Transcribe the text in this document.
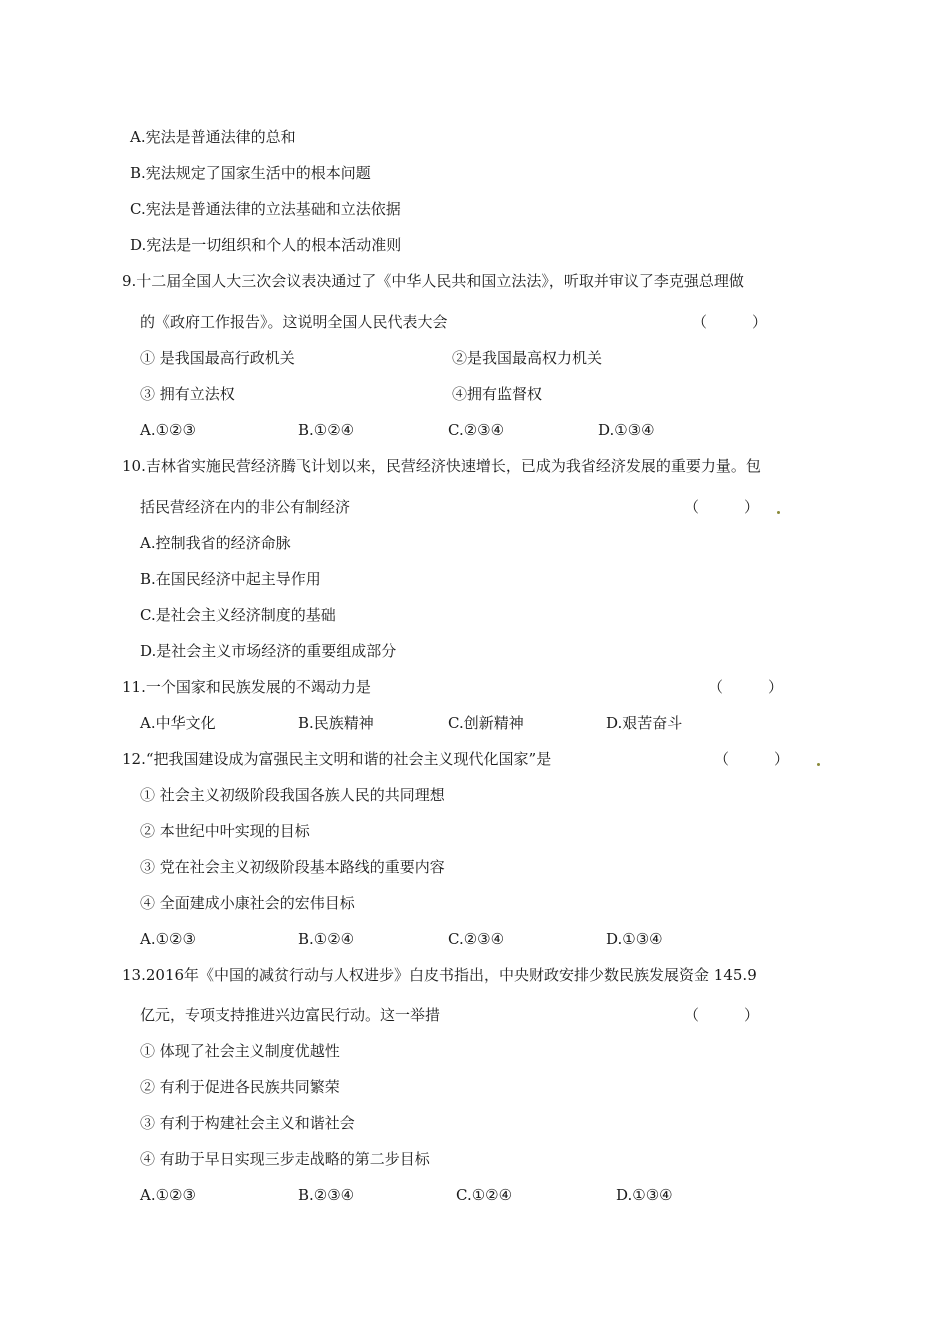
A.宪法是普通法律的总和
B.宪法规定了国家生活中的根本问题
C.宪法是普通法律的立法基础和立法依据
D.宪法是一切组织和个人的根本活动准则
9.十二届全国人大三次会议表决通过了《中华人民共和国立法法》，听取并审议了李克强总理做
的《政府工作报告》。这说明全国人民代表大会	（　　　）
① 是我国最高行政机关	②是我国最高权力机关
③ 拥有立法权	④拥有监督权
A.①②③	B.①②④	C.②③④	D.①③④
10.吉林省实施民营经济腾飞计划以来，民营经济快速增长，已成为我省经济发展的重要力量。包
括民营经济在内的非公有制经济	（　　　）
A.控制我省的经济命脉
B.在国民经济中起主导作用
C.是社会主义经济制度的基础
D.是社会主义市场经济的重要组成部分
11.一个国家和民族发展的不竭动力是	（　　　）
A.中华文化	B.民族精神	C.创新精神	D.艰苦奋斗
12.“把我国建设成为富强民主文明和谐的社会主义现代化国家”是	（　　　）
① 社会主义初级阶段我国各族人民的共同理想
② 本世纪中叶实现的目标
③ 党在社会主义初级阶段基本路线的重要内容
④ 全面建成小康社会的宏伟目标
A.①②③	B.①②④	C.②③④	D.①③④
13.2016年《中国的减贫行动与人权进步》白皮书指出，中央财政安排少数民族发展资金 145.9
亿元，专项支持推进兴边富民行动。这一举措	（　　　）
① 体现了社会主义制度优越性
② 有利于促进各民族共同繁荣
③ 有利于构建社会主义和谐社会
④ 有助于早日实现三步走战略的第二步目标
A.①②③	B.②③④	C.①②④	D.①③④
